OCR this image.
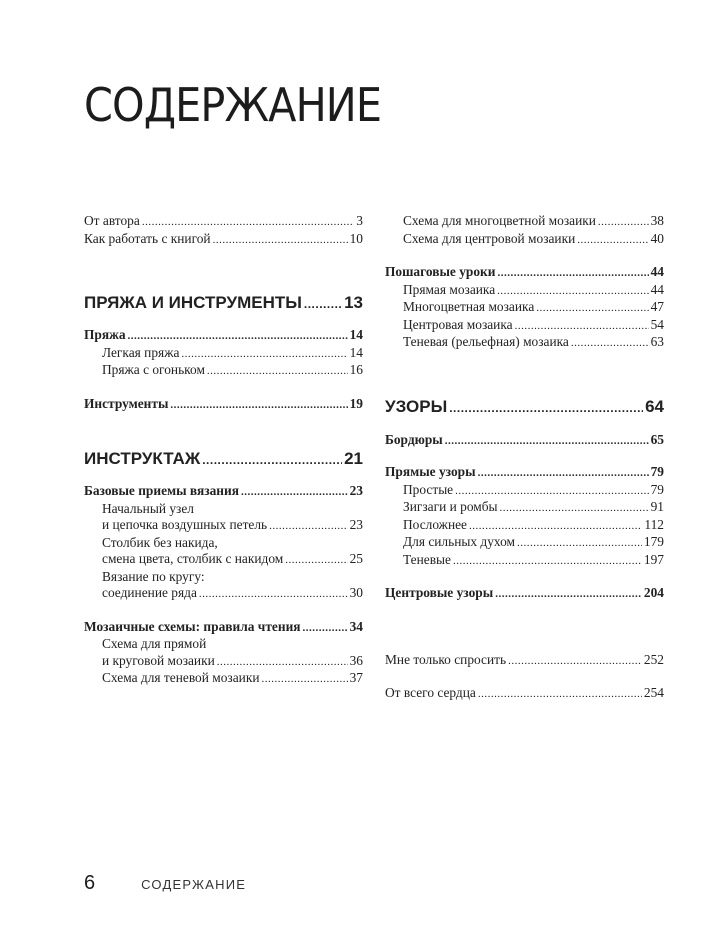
СОДЕРЖАНИЕ
От автора .....	3
Как работать с книгой .....	10
ПРЯЖА И ИНСТРУМЕНТЫ ..... 13
Пряжа .....	14
Легкая пряжа .....	14
Пряжа с огоньком .....	16
Инструменты .....	19
ИНСТРУКТАЖ .....	21
Базовые приемы вязания .....	23
Начальный узел
и цепочка воздушных петель .....	23
Столбик без накида,
смена цвета, столбик с накидом .....	25
Вязание по кругу:
соединение ряда .....	30
Мозаичные схемы: правила чтения .....	34
Схема для прямой
и круговой мозаики .....	36
Схема для теневой мозаики .....	37
Схема для многоцветной мозаики .....	38
Схема для центровой мозаики .....	40
Пошаговые уроки .....	44
Прямая мозаика .....	44
Многоцветная мозаика .....	47
Центровая мозаика .....	54
Теневая (рельефная) мозаика .....	63
УЗОРЫ .....	64
Бордюры .....	65
Прямые узоры .....	79
Простые .....	79
Зигзаги и ромбы .....	91
Посложнее .....	112
Для сильных духом .....	179
Теневые .....	197
Центровые узоры .....	204
Мне только спросить .....	252
От всего сердца .....	254
6	СОДЕРЖАНИЕ
